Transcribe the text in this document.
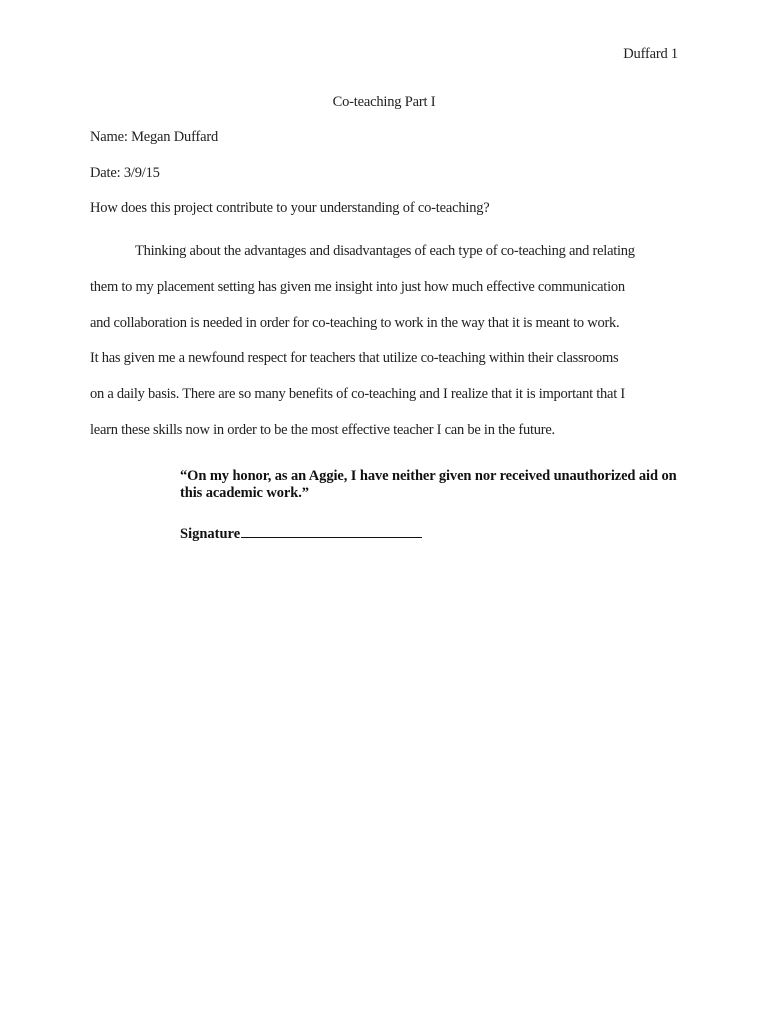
Duffard 1
Co-teaching Part I
Name: Megan Duffard
Date: 3/9/15
How does this project contribute to your understanding of co-teaching?
Thinking about the advantages and disadvantages of each type of co-teaching and relating
them to my placement setting has given me insight into just how much effective communication
and collaboration is needed in order for co-teaching to work in the way that it is meant to work.
It has given me a newfound respect for teachers that utilize co-teaching within their classrooms
on a daily basis. There are so many benefits of co-teaching and I realize that it is important that I
learn these skills now in order to be the most effective teacher I can be in the future.
“On my honor, as an Aggie, I have neither given nor received unauthorized aid on this academic work.”
Signature
